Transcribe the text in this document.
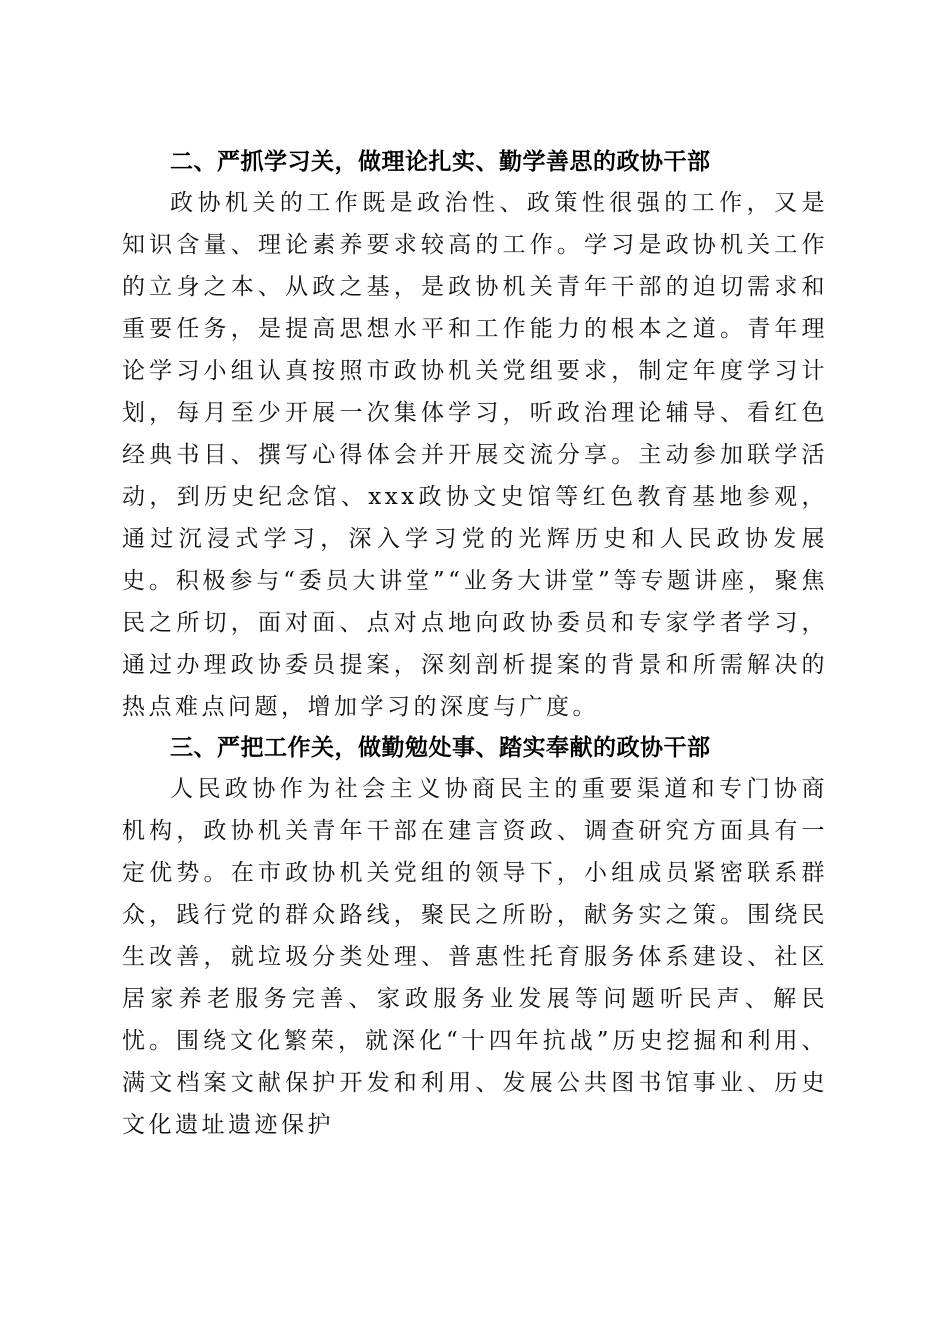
二、严抓学习关，做理论扎实、勤学善思的政协干部

政协机关的工作既是政治性、政策性很强的工作，又是知识含量、理论素养要求较高的工作。学习是政协机关工作的立身之本、从政之基，是政协机关青年干部的迫切需求和重要任务，是提高思想水平和工作能力的根本之道。青年理论学习小组认真按照市政协机关党组要求，制定年度学习计划，每月至少开展一次集体学习，听政治理论辅导、看红色经典书目、撰写心得体会并开展交流分享。主动参加联学活动，到历史纪念馆、xxx政协文史馆等红色教育基地参观，通过沉浸式学习，深入学习党的光辉历史和人民政协发展史。积极参与“委员大讲堂”“业务大讲堂”等专题讲座，聚焦民之所切，面对面、点对点地向政协委员和专家学者学习，通过办理政协委员提案，深刻剖析提案的背景和所需解决的热点难点问题，增加学习的深度与广度。

三、严把工作关，做勤勉处事、踏实奉献的政协干部

人民政协作为社会主义协商民主的重要渠道和专门协商机构，政协机关青年干部在建言资政、调查研究方面具有一定优势。在市政协机关党组的领导下，小组成员紧密联系群众，践行党的群众路线，聚民之所盼，献务实之策。围绕民生改善，就垃圾分类处理、普惠性托育服务体系建设、社区居家养老服务完善、家政服务业发展等问题听民声、解民忧。围绕文化繁荣，就深化“十四年抗战”历史挖掘和利用、满文档案文献保护开发和利用、发展公共图书馆事业、历史文化遗址遗迹保护
